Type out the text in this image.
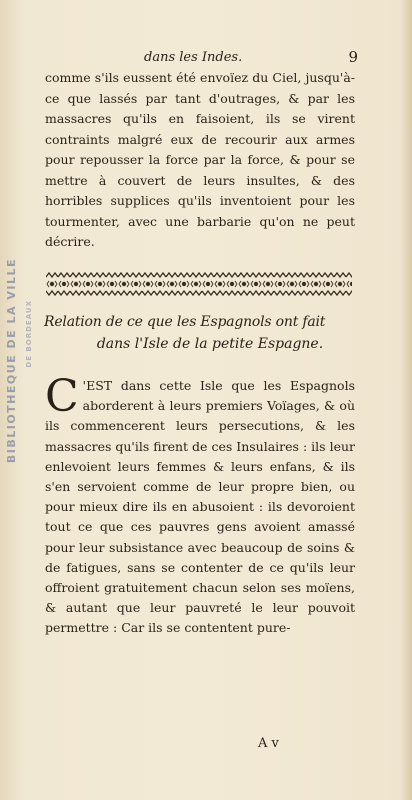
BIBLIOTHEQUE DE LA VILLE DE BORDEAUX
dans les Indes.	9
comme s'ils eussent été envoïez du Ciel, jusqu'à-ce que lassés par tant d'outrages, & par les massacres qu'ils en faisoient, ils se virent contraints malgré eux de recourir aux armes pour repousser la force par la force, & pour se mettre à couvert de leurs insultes, & des horribles supplices qu'ils inventoient pour les tourmenter, avec une barbarie qu'on ne peut décrire.
Relation de ce que les Espagnols ont fait
dans l'Isle de la petite Espagne.
C 'EST dans cette Isle que les Espagnols aborderent à leurs premiers Voïages, & où ils commencerent leurs persecutions, & les massacres qu'ils firent de ces Insulaires : ils leur enlevoient leurs femmes & leurs enfans, & ils s'en servoient comme de leur propre bien, ou pour mieux dire ils en abusoient : ils devoroient tout ce que ces pauvres gens avoient amassé pour leur subsistance avec beaucoup de soins & de fatigues, sans se contenter de ce qu'ils leur offroient gratuitement chacun selon ses moïens, & autant que leur pauvreté le leur pouvoit permettre : Car ils se contentent pure-
A v
